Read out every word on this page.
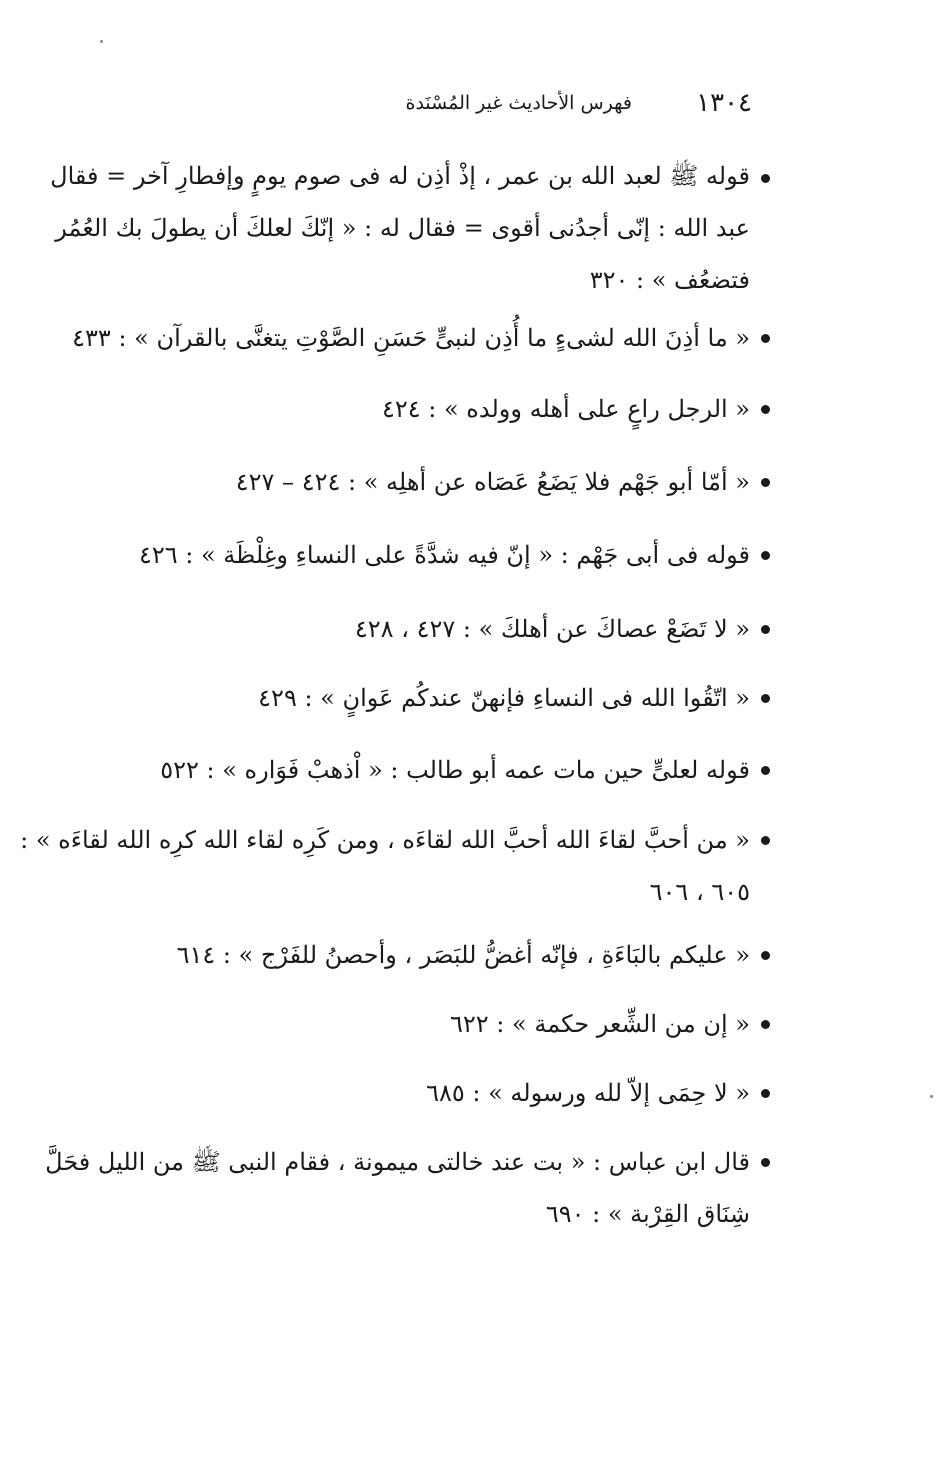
١٣٠٤
فهرس الأحاديث غير المُسْنَدة
قوله ﷺ لعبد الله بن عمر ، إذْ أذِن له فى صوم يومٍ وإفطارِ آخر = فقال
عبد الله : إنّى أجدُنى أقوى = فقال له : « إنّكَ لعلكَ أن يطولَ بك العُمُر
فتضعُف » : ٣٢٠
« ما أذِنَ الله لشىءٍ ما أُذِن لنبىٍّ حَسَنِ الصَّوْتِ يتغنَّى بالقرآن » : ٤٣٣
« الرجل راعٍ على أهله وولده » : ٤٢٤
« أمّا أبو جَهْم فلا يَضَعُ عَصَاه عن أهلِه » : ٤٢٤ – ٤٢٧
قوله فى أبى جَهْم : « إنّ فيه شدَّةً على النساءِ وغِلْظَة » : ٤٢٦
« لا تَضَعْ عصاكَ عن أهلكَ » : ٤٢٧ ، ٤٢٨
« اتّقُوا الله فى النساءِ فإنهنّ عندكُم عَوانٍ » : ٤٢٩
قوله لعلىٍّ حين مات عمه أبو طالب : « اْذهبْ فَوَاره » : ٥٢٢
« من أحبَّ لقاءَ الله أحبَّ الله لقاءَه ، ومن كَرِه لقاء الله كرِه الله لقاءَه » :
٦٠٥ ، ٦٠٦
« عليكم بالبَاءَةِ ، فإنّه أغضُّ للبَصَر ، وأحصنُ للفَرْج » : ٦١٤
« إن من الشِّعر حكمة » : ٦٢٢
« لا حِمَى إلاّ لله ورسوله » : ٦٨٥
قال ابن عباس : « بت عند خالتى ميمونة ، فقام النبى ﷺ من الليل فحَلَّ
شِنَاق القِرْبة » : ٦٩٠
